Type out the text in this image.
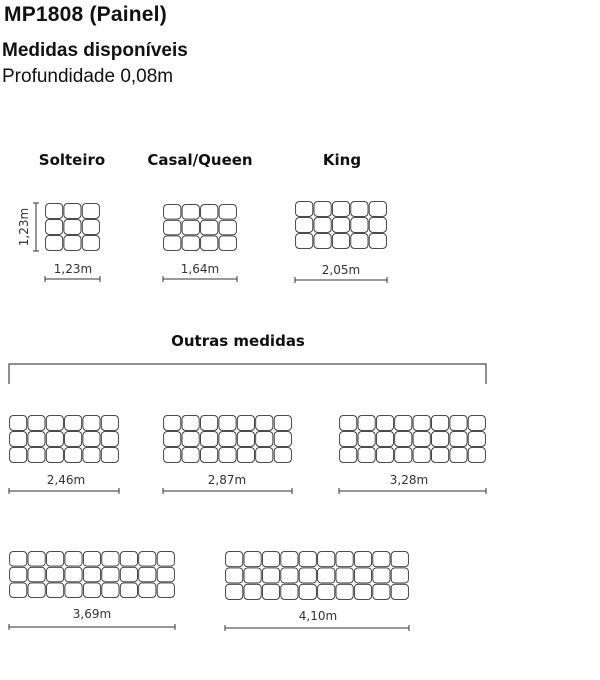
MP1808 (Painel)
Medidas disponíveis
Profundidade 0,08m
Solteiro	Casal/Queen	King
Outras medidas
1,23m
1,23m
1,64m	2,05m
2,46m	2,87m	3,28m
3,69m	4,10m
